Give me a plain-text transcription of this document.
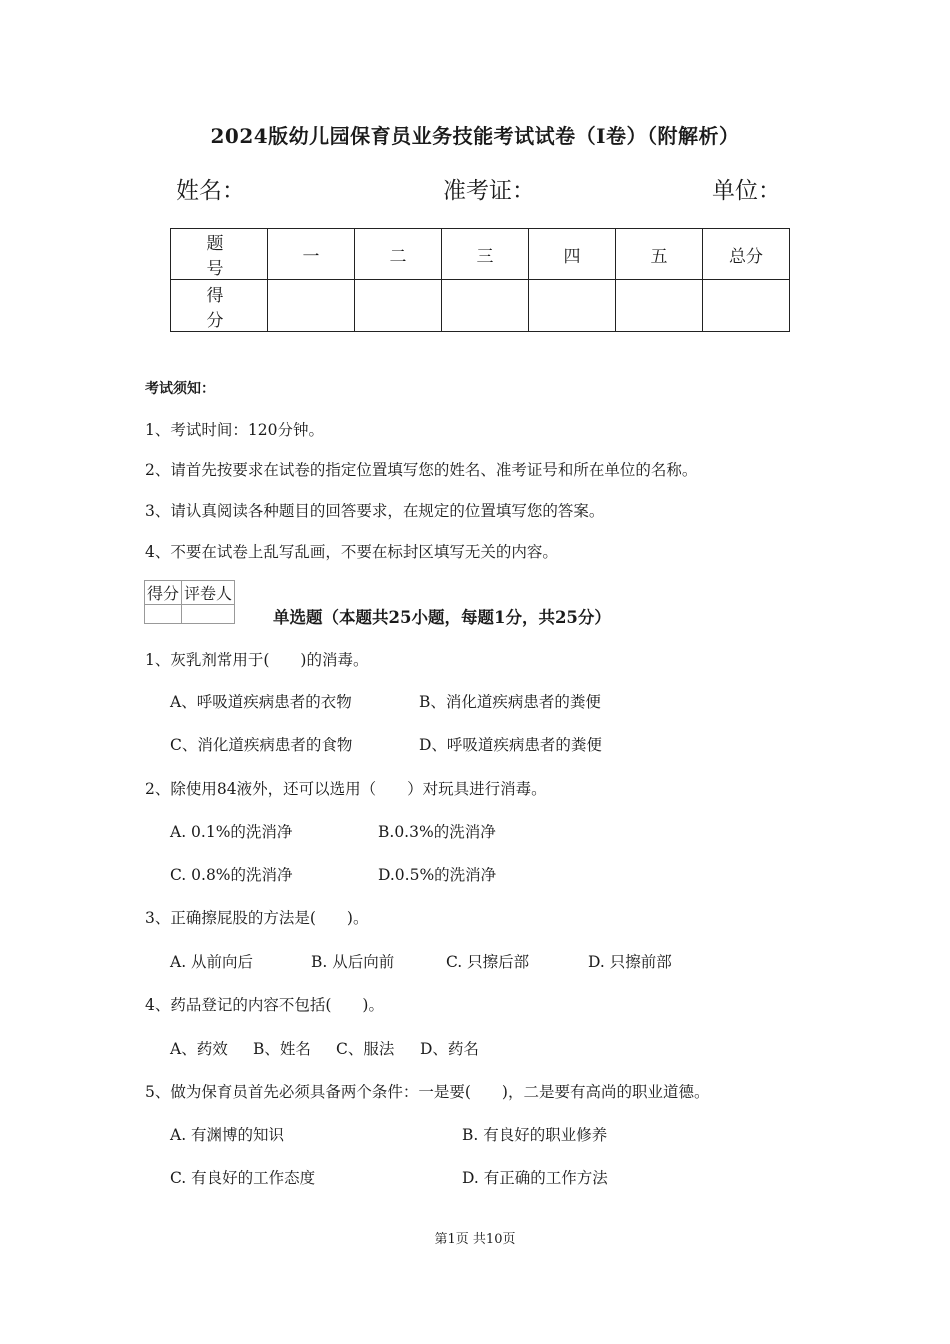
2024版幼儿园保育员业务技能考试试卷（I卷）（附解析）
姓名：	准考证：	单位：
题　号	一	二	三	四	五	总分
得　分						
考试须知：
1、考试时间：120分钟。
2、请首先按要求在试卷的指定位置填写您的姓名、准考证号和所在单位的名称。
3、请认真阅读各种题目的回答要求，在规定的位置填写您的答案。
4、不要在试卷上乱写乱画，不要在标封区填写无关的内容。
得分	评卷人

单选题（本题共25小题，每题1分，共25分）
1、灰乳剂常用于(　　)的消毒。
A、呼吸道疾病患者的衣物	B、消化道疾病患者的粪便
C、消化道疾病患者的食物	D、呼吸道疾病患者的粪便
2、除使用84液外，还可以选用（　　）对玩具进行消毒。
A. 0.1%的洗消净	B.0.3%的洗消净
C. 0.8%的洗消净	D.0.5%的洗消净
3、正确擦屁股的方法是(　　)。
A. 从前向后	B. 从后向前	C. 只擦后部	D. 只擦前部
4、药品登记的内容不包括(　　)。
A、药效 B、姓名 C、服法 D、药名
5、做为保育员首先必须具备两个条件：一是要(　　)，二是要有高尚的职业道德。
A. 有渊博的知识	B. 有良好的职业修养
C. 有良好的工作态度	D. 有正确的工作方法
第1页 共10页
